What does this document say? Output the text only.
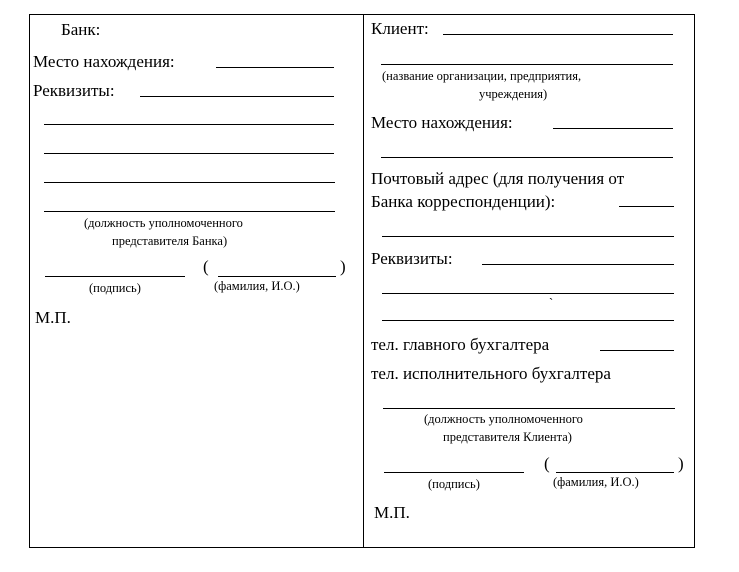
Банк:
Место нахождения:
Реквизиты:
(должность уполномоченного
представителя Банка)
(	)
(подпись)	(фамилия, И.О.)
М.П.
Клиент:
(название организации, предприятия,
учреждения)
Место нахождения:
Почтовый адрес (для получения от
Банка корреспонденции):
Реквизиты:
`
тел. главного бухгалтера
тел. исполнительного бухгалтера
(должность уполномоченного
представителя Клиента)
(	)
(подпись)	(фамилия, И.О.)
М.П.
